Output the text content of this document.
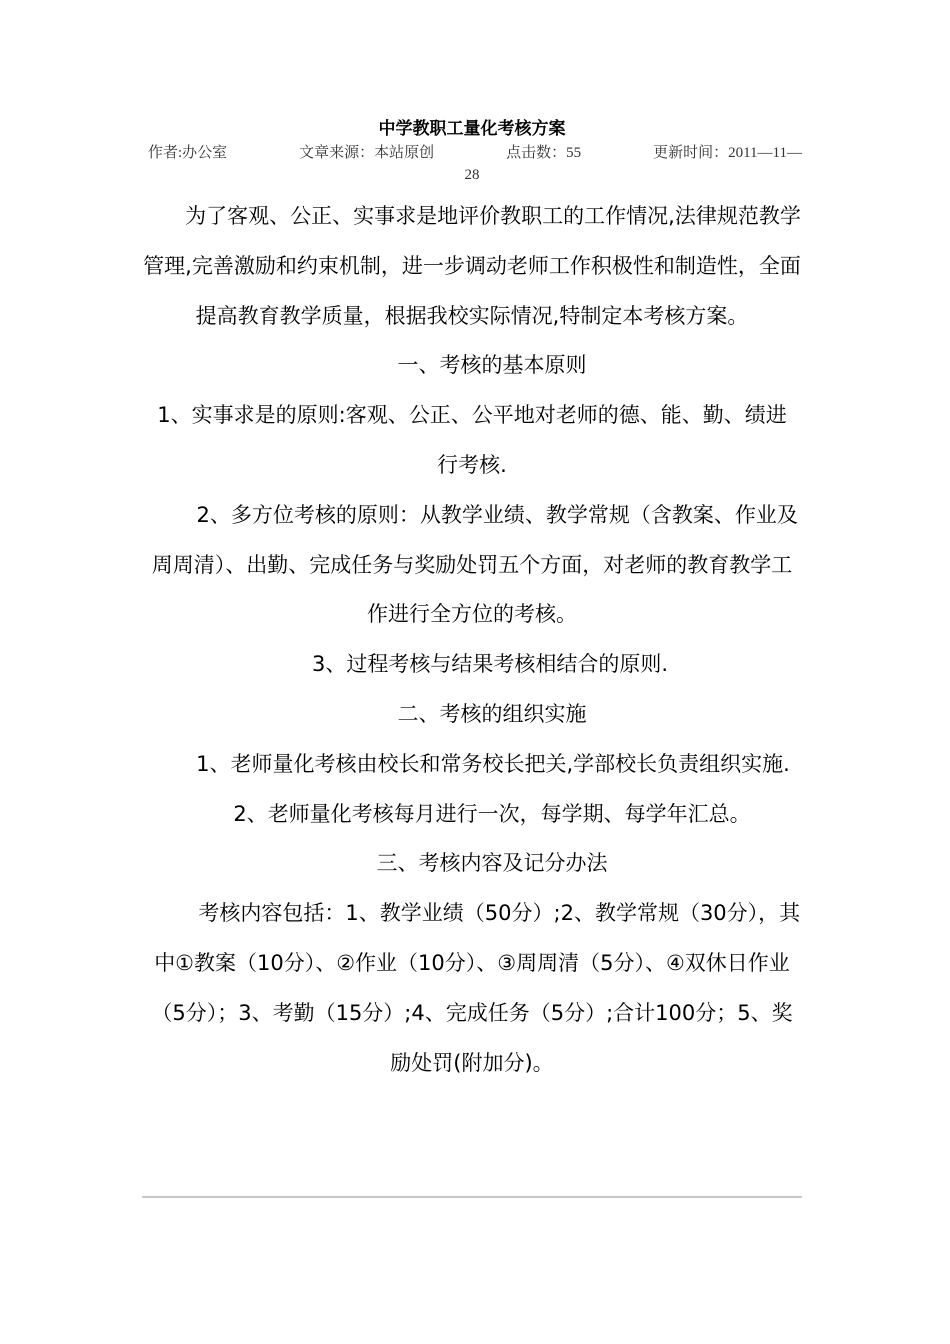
中学教职工量化考核方案
作者:办公室	文章来源：本站原创	点击数：55	更新时间：2011—11—

28

为了客观、公正、实事求是地评价教职工的工作情况,法律规范教学管理,完善激励和约束机制，进一步调动老师工作积极性和制造性，全面提高教育教学质量，根据我校实际情况,特制定本考核方案。

一、考核的基本原则

1、实事求是的原则:客观、公正、公平地对老师的德、能、勤、绩进行考核.

2、多方位考核的原则：从教学业绩、教学常规（含教案、作业及周周清）、出勤、完成任务与奖励处罚五个方面，对老师的教育教学工作进行全方位的考核。

3、过程考核与结果考核相结合的原则.

二、考核的组织实施

1、老师量化考核由校长和常务校长把关,学部校长负责组织实施.

2、老师量化考核每月进行一次，每学期、每学年汇总。

三、考核内容及记分办法

考核内容包括：1、教学业绩（50分）;2、教学常规（30分），其中①教案（10分）、②作业（10分）、③周周清（5分）、④双休日作业（5分）；3、考勤（15分）;4、完成任务（5分）;合计100分；5、奖励处罚(附加分)。
